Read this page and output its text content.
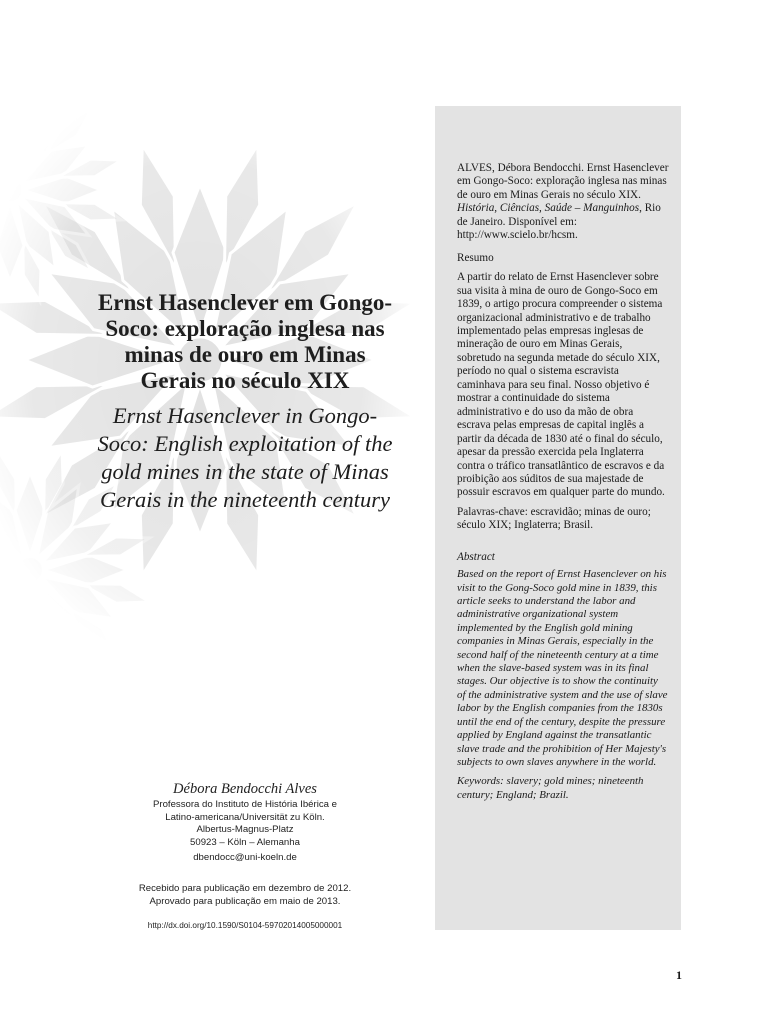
Ernst Hasenclever em Gongo-Soco: exploração inglesa nas minas de ouro em Minas Gerais no século XIX

Ernst Hasenclever in Gongo-Soco: English exploitation of the gold mines in the state of Minas Gerais in the nineteenth century

Débora Bendocchi Alves
Professora do Instituto de História Ibérica e
Latino-americana/Universität zu Köln.
Albertus-Magnus-Platz
50923 – Köln – Alemanha
dbendocc@uni-koeln.de
Recebido para publicação em dezembro de 2012.
Aprovado para publicação em maio de 2013.
http://dx.doi.org/10.1590/S0104-59702014005000001

ALVES, Débora Bendocchi. Ernst Hasenclever em Gongo-Soco: exploração inglesa nas minas de ouro em Minas Gerais no século XIX. História, Ciências, Saúde – Manguinhos, Rio de Janeiro. Disponível em: http://www.scielo.br/hcsm.

Resumo

A partir do relato de Ernst Hasenclever sobre sua visita à mina de ouro de Gongo-Soco em 1839, o artigo procura compreender o sistema organizacional administrativo e de trabalho implementado pelas empresas inglesas de mineração de ouro em Minas Gerais, sobretudo na segunda metade do século XIX, período no qual o sistema escravista caminhava para seu final. Nosso objetivo é mostrar a continuidade do sistema administrativo e do uso da mão de obra escrava pelas empresas de capital inglês a partir da década de 1830 até o final do século, apesar da pressão exercida pela Inglaterra contra o tráfico transatlântico de escravos e da proibição aos súditos de sua majestade de possuir escravos em qualquer parte do mundo.

Palavras-chave: escravidão; minas de ouro; século XIX; Inglaterra; Brasil.

Abstract

Based on the report of Ernst Hasenclever on his visit to the Gong-Soco gold mine in 1839, this article seeks to understand the labor and administrative organizational system implemented by the English gold mining companies in Minas Gerais, especially in the second half of the nineteenth century at a time when the slave-based system was in its final stages. Our objective is to show the continuity of the administrative system and the use of slave labor by the English companies from the 1830s until the end of the century, despite the pressure applied by England against the transatlantic slave trade and the prohibition of Her Majesty's subjects to own slaves anywhere in the world.

Keywords: slavery; gold mines; nineteenth century; England; Brazil.

1
